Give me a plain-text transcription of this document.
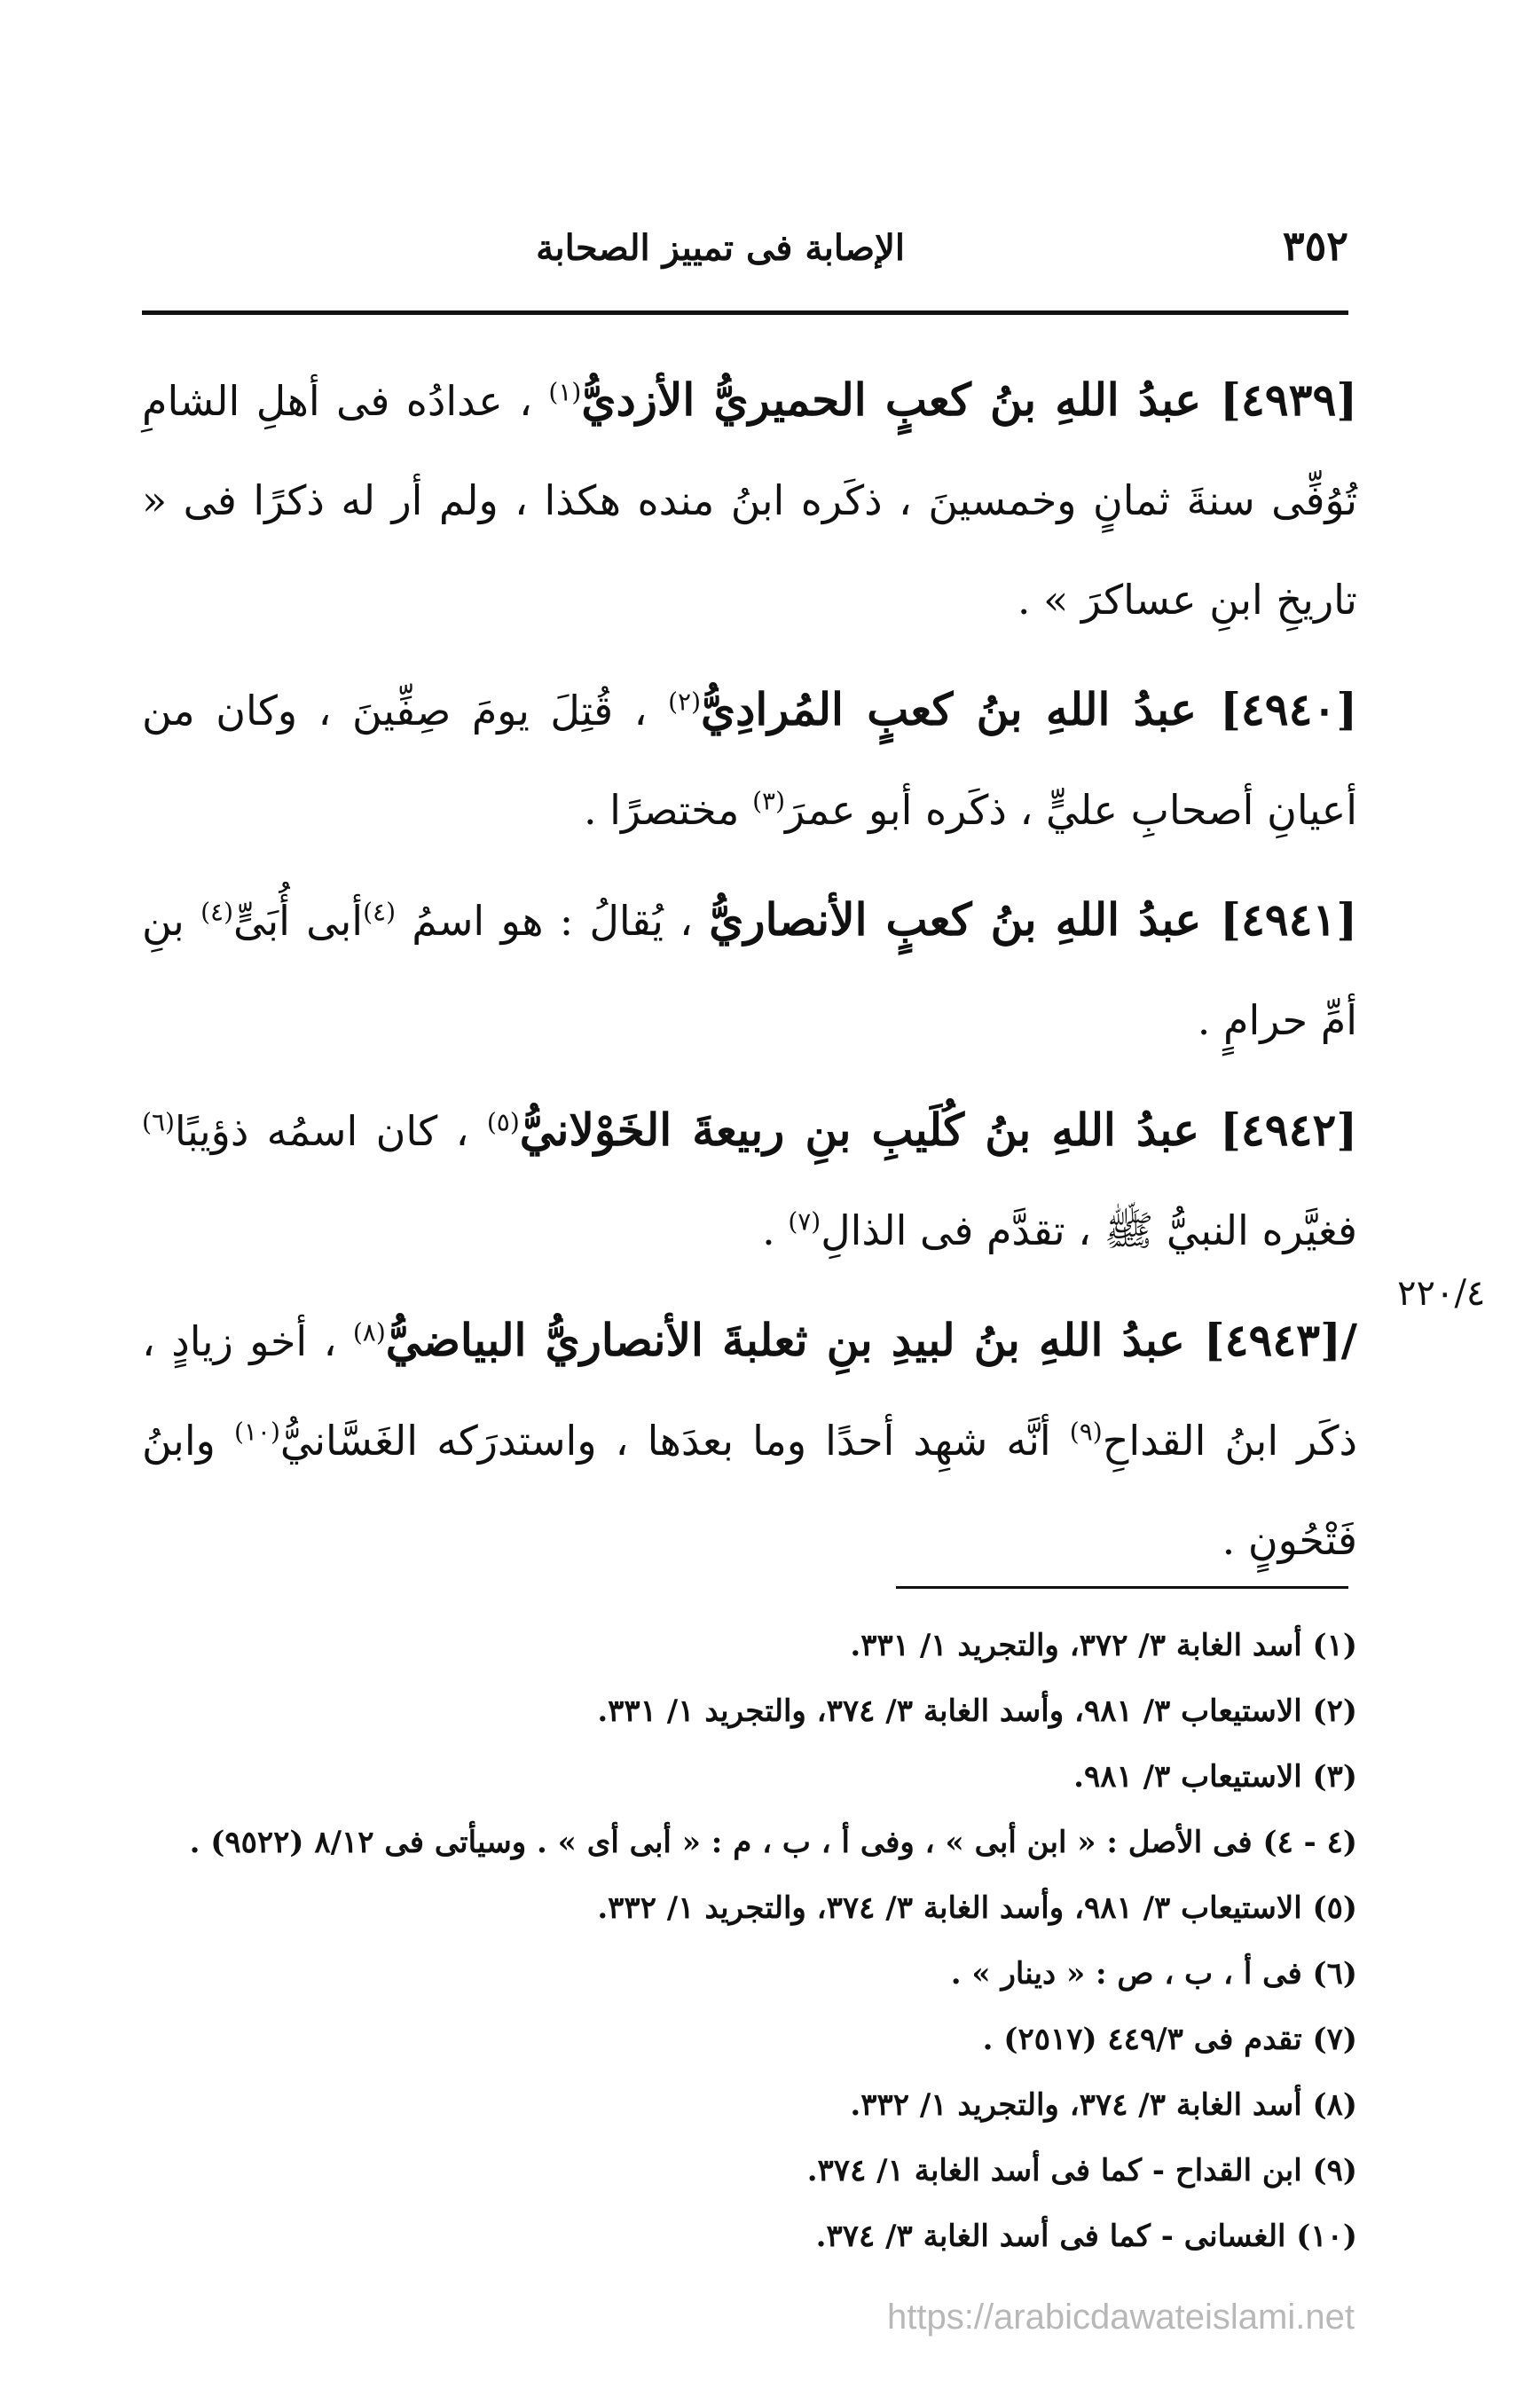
٣٥٢
الإصابة فى تمييز الصحابة

[٤٩٣٩] عبدُ اللهِ بنُ كعبٍ الحميريُّ الأزديُّ$^{(١)}$ ، عدادُه فى أهلِ الشامِ تُوُفِّى سنةَ ثمانٍ وخمسينَ ، ذكَره ابنُ منده هكذا ، ولم أر له ذكرًا فى « تاريخِ ابنِ عساكرَ » .

[٤٩٤٠] عبدُ اللهِ بنُ كعبٍ المُرادِيُّ$^{(٢)}$ ، قُتِلَ يومَ صِفِّينَ ، وكان من أعيانِ أصحابِ عليٍّ ، ذكَره أبو عمرَ$^{(٣)}$ مختصرًا .

[٤٩٤١] عبدُ اللهِ بنُ كعبٍ الأنصاريُّ ، يُقالُ : هو اسمُ $^{(٤)}$أبى أُبَىٍّ$^{(٤)}$ بنِ أمِّ حرامٍ .

[٤٩٤٢] عبدُ اللهِ بنُ كُلَيبِ بنِ ربيعةَ الخَوْلانيُّ$^{(٥)}$ ، كان اسمُه ذؤيبًا$^{(٦)}$ فغيَّره النبيُّ ﷺ ، تقدَّم فى الذالِ$^{(٧)}$ .

/[٤٩٤٣] عبدُ اللهِ بنُ لبيدِ بنِ ثعلبةَ الأنصاريُّ البياضيُّ$^{(٨)}$ ، أخو زيادٍ ، ذكَر ابنُ القداحِ$^{(٩)}$ أنَّه شهِد أحدًا وما بعدَها ، واستدرَكه الغَسَّانيُّ$^{(١٠)}$ وابنُ فَتْحُونٍ .

٢٢٠/٤

(١) أسد الغابة ٣/ ٣٧٢، والتجريد ١/ ٣٣١.

(٢) الاستيعاب ٣/ ٩٨١، وأسد الغابة ٣/ ٣٧٤، والتجريد ١/ ٣٣١.

(٣) الاستيعاب ٣/ ٩٨١.

(٤ - ٤) فى الأصل : « ابن أبى » ، وفى أ ، ب ، م : « أبى أى » . وسيأتى فى ٨/١٢ (٩٥٢٢) .

(٥) الاستيعاب ٣/ ٩٨١، وأسد الغابة ٣/ ٣٧٤، والتجريد ١/ ٣٣٢.

(٦) فى أ ، ب ، ص : « دينار » .

(٧) تقدم فى ٤٤٩/٣ (٢٥١٧) .

(٨) أسد الغابة ٣/ ٣٧٤، والتجريد ١/ ٣٣٢.

(٩) ابن القداح - كما فى أسد الغابة ١/ ٣٧٤.

(١٠) الغسانى - كما فى أسد الغابة ٣/ ٣٧٤.

https://arabicdawateislami.net
